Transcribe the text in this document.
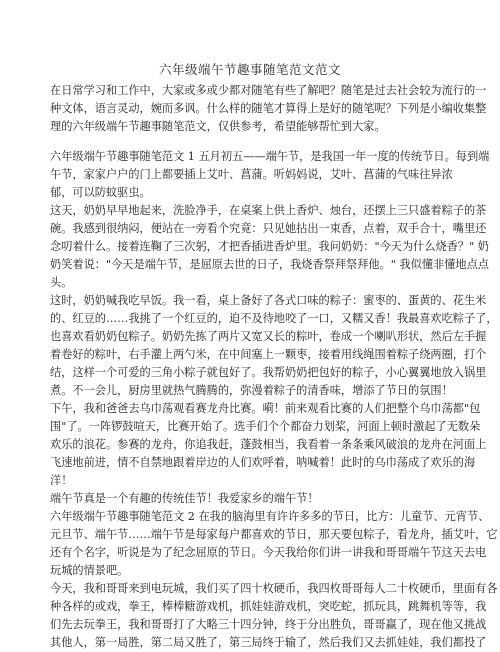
六年级端午节趣事随笔范文范文
在日常学习和工作中，大家或多或少都对随笔有些了解吧？随笔是过去社会较为流行的一
种文体，语言灵动，婉而多讽。什么样的随笔才算得上是好的随笔呢？下列是小编收集整
理的六年级端午节趣事随笔范文，仅供参考，希望能够帮忙到大家。
六年级端午节趣事随笔范文 1 五月初五——端午节，是我国一年一度的传统节日。每到端
午节，家家户户的门上都要插上艾叶、菖蒲。听妈妈说，艾叶、菖蒲的气味往异浓
郁，可以防蚊驱虫。
这天，奶奶早早地起来，洗脸净手，在桌案上供上香炉、烛台，还摆上三只盛着粽子的茶
碗。我感到很纳闷，便站在一旁看个究竟：只见她拈出一束香，点着，双手合十，嘴里还
念叨着什么。接着连鞠了三次躬，才把香插进香炉里。我问奶奶："今天为什么烧香？" 奶
奶笑着说："今天是端午节，是屈原去世的日子，我烧香祭拜祭拜他。" 我似懂非懂地点点
头。
这时，奶奶喊我吃早饭。我一看，桌上备好了各式口味的粽子：蜜枣的、蛋黄的、花生米
的、红豆的……我挑了一个红豆的，迫不及待地咬了一口，又糯又香！我最喜欢吃粽子了，
也喜欢看奶奶包粽子。奶奶先拣了两片又宽又长的粽叶，卷成一个喇叭形状，然后左手握
着卷好的粽叶，右手灌上两勺米，在中间塞上一颗枣，接着用线绳围着粽子绕两圈，打个
结，这样一个可爱的三角小粽子就包好了。我帮奶奶把包好的粽子，小心翼翼地放入锅里
煮。不一会儿，厨房里就热气腾腾的，弥漫着粽子的清香味，增添了节日的氛围！
下午，我和爸爸去乌巾荡观看赛龙舟比赛。嗬！前来观看比赛的人们把整个乌巾荡都"包
围"了。一阵锣鼓喧天，比赛开始了。选手们个个都奋力划桨，河面上顿时激起了无数朵
欢乐的浪花。参赛的龙舟，你追我赶，蓬鼓相当，我看着一条条乘风破浪的龙舟在河面上
飞速地前进，情不自禁地跟着岸边的人们欢呼着，呐喊着！此时的乌巾荡成了欢乐的海
洋！
端午节真是一个有趣的传统佳节！我爱家乡的端午节！
六年级端午节趣事随笔范文 2 在我的脑海里有许许多多的节日，比方：儿童节、元宵节、
元旦节、端午节……端午节是每家每户都喜欢的节日，那天要包粽子，看龙舟，插艾叶，它
还有个名字，听说是为了纪念屈原的节日。今天我给你们讲一讲我和哥哥端午节这天去电
玩城的情景吧。
今天，我和哥哥来到电玩城，我们买了四十枚硬币，我四枚哥哥每人二十枚硬币，里面有各
种各样的或戏，拳王，棒棒糖游戏机，抓娃娃游戏机，突吃蛇，抓玩具，跳舞机等等，我
们先去玩拳王，我和哥哥打了大略三十四分钟，终于分出胜负，哥哥赢了，现在他又挑战
其他人，第一局胜，第二局又胜了，第三局终于输了，然后我们又去抓娃娃，我们都投了
